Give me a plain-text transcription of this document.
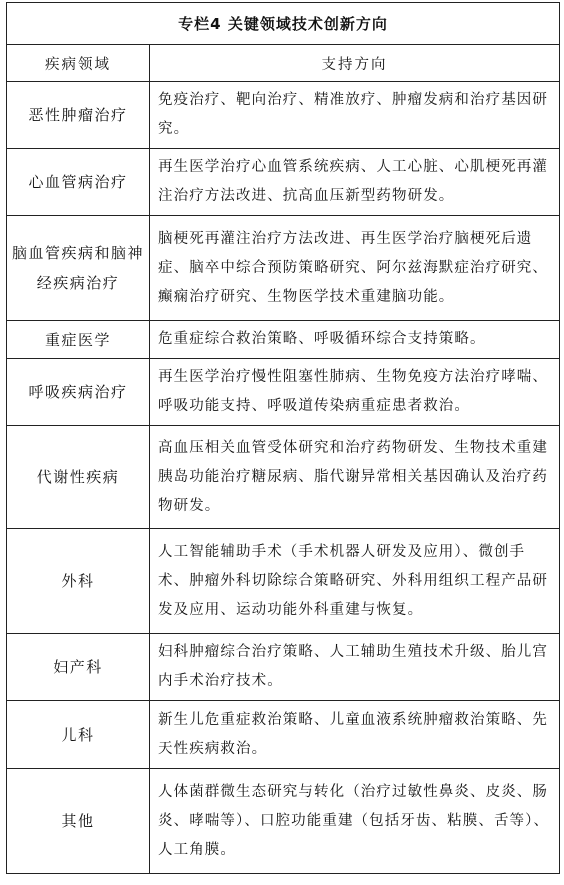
专栏4 关键领域技术创新方向	
疾病领域	支持方向
恶性肿瘤治疗	免疫治疗、靶向治疗、精准放疗、肿瘤发病和治疗基因研究。
心血管病治疗	再生医学治疗心血管系统疾病、人工心脏、心肌梗死再灌注治疗方法改进、抗高血压新型药物研发。
脑血管疾病和脑神经疾病治疗	脑梗死再灌注治疗方法改进、再生医学治疗脑梗死后遗症、脑卒中综合预防策略研究、阿尔兹海默症治疗研究、癫痫治疗研究、生物医学技术重建脑功能。
重症医学	危重症综合救治策略、呼吸循环综合支持策略。
呼吸疾病治疗	再生医学治疗慢性阻塞性肺病、生物免疫方法治疗哮喘、呼吸功能支持、呼吸道传染病重症患者救治。
代谢性疾病	高血压相关血管受体研究和治疗药物研发、生物技术重建胰岛功能治疗糖尿病、脂代谢异常相关基因确认及治疗药物研发。
外科	人工智能辅助手术（手术机器人研发及应用）、微创手术、肿瘤外科切除综合策略研究、外科用组织工程产品研发及应用、运动功能外科重建与恢复。
妇产科	妇科肿瘤综合治疗策略、人工辅助生殖技术升级、胎儿宫内手术治疗技术。
儿科	新生儿危重症救治策略、儿童血液系统肿瘤救治策略、先天性疾病救治。
其他	人体菌群微生态研究与转化（治疗过敏性鼻炎、皮炎、肠炎、哮喘等）、口腔功能重建（包括牙齿、粘膜、舌等）、人工角膜。
